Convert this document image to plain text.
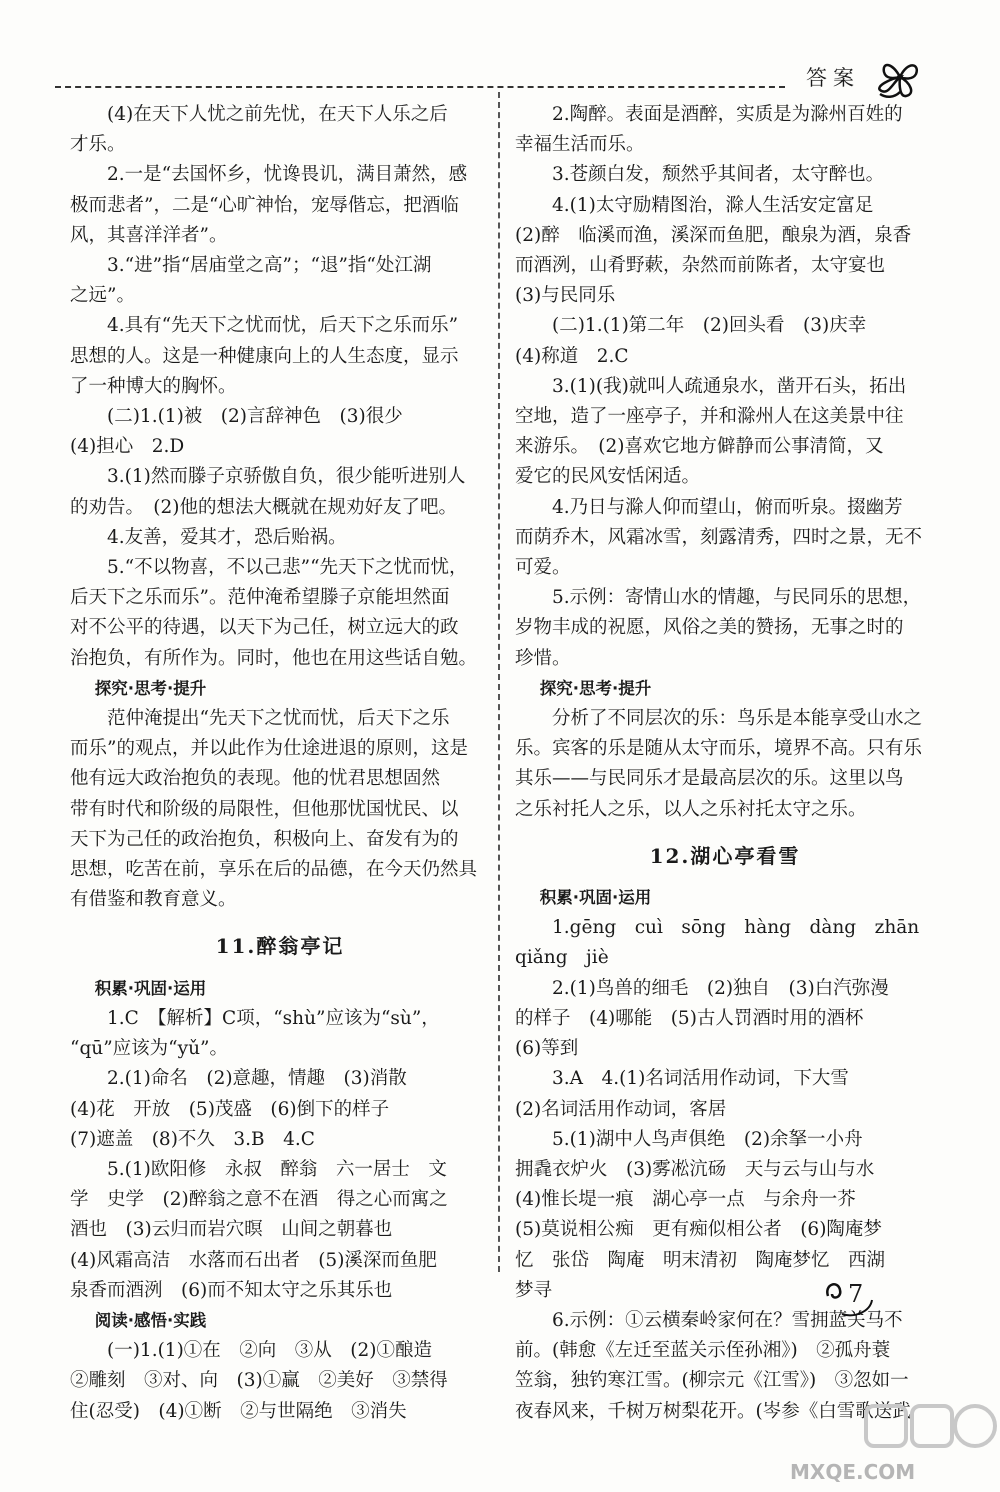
答案
(4)在天下人忧之前先忧，在天下人乐之后
才乐。
2.一是“去国怀乡，忧谗畏讥，满目萧然，感
极而悲者”，二是“心旷神怡，宠辱偕忘，把酒临
风，其喜洋洋者”。
3.“进”指“居庙堂之高”；“退”指“处江湖
之远”。
4.具有“先天下之忧而忧，后天下之乐而乐”
思想的人。这是一种健康向上的人生态度，显示
了一种博大的胸怀。
(二)1.(1)被　(2)言辞神色　(3)很少
(4)担心　2.D
3.(1)然而滕子京骄傲自负，很少能听进别人
的劝告。　(2)他的想法大概就在规劝好友了吧。
4.友善，爱其才，恐后贻祸。
5.“不以物喜，不以己悲”“先天下之忧而忧，
后天下之乐而乐”。范仲淹希望滕子京能坦然面
对不公平的待遇，以天下为己任，树立远大的政
治抱负，有所作为。同时，他也在用这些话自勉。
探究·思考·提升
范仲淹提出“先天下之忧而忧，后天下之乐
而乐”的观点，并以此作为仕途进退的原则，这是
他有远大政治抱负的表现。他的忧君思想固然
带有时代和阶级的局限性，但他那忧国忧民、以
天下为己任的政治抱负，积极向上、奋发有为的
思想，吃苦在前，享乐在后的品德，在今天仍然具
有借鉴和教育意义。
11.醉翁亭记
积累·巩固·运用
1.C　【解析】C项，“shù”应该为“sù”，
“qū”应该为“yǔ”。
2.(1)命名　(2)意趣，情趣　(3)消散
(4)花　开放　(5)茂盛　(6)倒下的样子
(7)遮盖　(8)不久　3.B　4.C
5.(1)欧阳修　永叔　醉翁　六一居士　文
学　史学　(2)醉翁之意不在酒　得之心而寓之
酒也　(3)云归而岩穴暝　山间之朝暮也
(4)风霜高洁　水落而石出者　(5)溪深而鱼肥
泉香而酒洌　(6)而不知太守之乐其乐也
阅读·感悟·实践
(一)1.(1)①在　②向　③从　(2)①酿造
②雕刻　③对、向　(3)①赢　②美好　③禁得
住(忍受)　(4)①断　②与世隔绝　③消失
2.陶醉。表面是酒醉，实质是为滁州百姓的
幸福生活而乐。
3.苍颜白发，颓然乎其间者，太守醉也。
4.(1)太守励精图治，滁人生活安定富足
(2)醉　临溪而渔，溪深而鱼肥，酿泉为酒，泉香
而酒洌，山肴野蔌，杂然而前陈者，太守宴也
(3)与民同乐
(二)1.(1)第二年　(2)回头看　(3)庆幸
(4)称道　2.C
3.(1)(我)就叫人疏通泉水，凿开石头，拓出
空地，造了一座亭子，并和滁州人在这美景中往
来游乐。　(2)喜欢它地方僻静而公事清简，又
爱它的民风安恬闲适。
4.乃日与滁人仰而望山，俯而听泉。掇幽芳
而荫乔木，风霜冰雪，刻露清秀，四时之景，无不
可爱。
5.示例：寄情山水的情趣，与民同乐的思想，
岁物丰成的祝愿，风俗之美的赞扬，无事之时的
珍惜。
探究·思考·提升
分析了不同层次的乐：鸟乐是本能享受山水之
乐。宾客的乐是随从太守而乐，境界不高。只有乐
其乐——与民同乐才是最高层次的乐。这里以鸟
之乐衬托人之乐，以人之乐衬托太守之乐。
12.湖心亭看雪
积累·巩固·运用
1.gēng　cuì　sōng　hàng　dàng　zhān
qiǎng　jiè
2.(1)鸟兽的细毛　(2)独自　(3)白汽弥漫
的样子　(4)哪能　(5)古人罚酒时用的酒杯
(6)等到
3.A　4.(1)名词活用作动词，下大雪
(2)名词活用作动词，客居
5.(1)湖中人鸟声俱绝　(2)余拏一小舟
拥毳衣炉火　(3)雾凇沆砀　天与云与山与水
(4)惟长堤一痕　湖心亭一点　与余舟一芥
(5)莫说相公痴　更有痴似相公者　(6)陶庵梦
忆　张岱　陶庵　明末清初　陶庵梦忆　西湖
梦寻
6.示例：①云横秦岭家何在？雪拥蓝关马不
前。(韩愈《左迁至蓝关示侄孙湘》)　②孤舟蓑
笠翁，独钓寒江雪。(柳宗元《江雪》)　③忽如一
夜春风来，千树万树梨花开。(岑参《白雪歌送武
7
MXQE.COM
